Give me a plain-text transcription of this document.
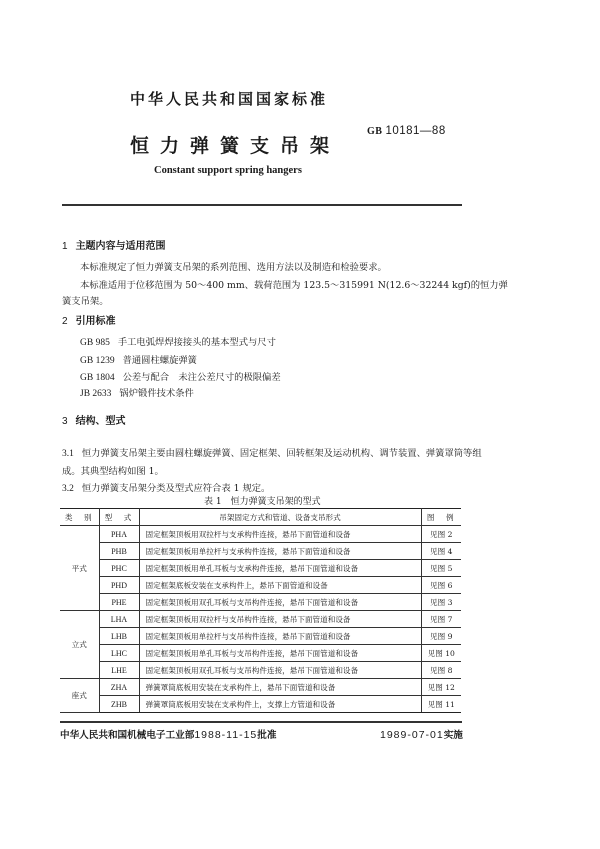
中华人民共和国国家标准
GB 10181—88
恒力弹簧支吊架
Constant support spring hangers
1 主题内容与适用范围
本标准规定了恒力弹簧支吊架的系列范围、选用方法以及制造和检验要求。
本标准适用于位移范围为 50～400 mm、载荷范围为 123.5～315991 N(12.6～32244 kgf)的恒力弹
簧支吊架。
2 引用标准
GB 985 手工电弧焊焊接接头的基本型式与尺寸
GB 1239 普通圆柱螺旋弹簧
GB 1804 公差与配合　未注公差尺寸的极限偏差
JB 2633 锅炉锻件技术条件
3 结构、型式
3.1 恒力弹簧支吊架主要由圆柱螺旋弹簧、固定框架、回转框架及运动机构、调节装置、弹簧罩筒等组
成。其典型结构如图 1。
3.2 恒力弹簧支吊架分类及型式应符合表 1 规定。
表 1　恒力弹簧支吊架的型式
类　别	型　式	吊架固定方式和管道、设备支吊形式	图　例
平式	PHA	固定框架顶板用双拉杆与支承构件连接，悬吊下面管道和设备	见图 2
	PHB	固定框架顶板用单拉杆与支承构件连接，悬吊下面管道和设备	见图 4
	PHC	固定框架顶板用单孔耳板与支承构件连接，悬吊下面管道和设备	见图 5
	PHD	固定框架底板安装在支承构件上，悬吊下面管道和设备	见图 6
	PHE	固定框架顶板用双孔耳板与支吊构件连接，悬吊下面管道和设备	见图 3
立式	LHA	固定框架顶板用双拉杆与支吊构件连接，悬吊下面管道和设备	见图 7
	LHB	固定框架顶板用单拉杆与支吊构件连接，悬吊下面管道和设备	见图 9
	LHC	固定框架顶板用单孔耳板与支吊构件连接，悬吊下面管道和设备	见图 10
	LHE	固定框架顶板用双孔耳板与支吊构件连接，悬吊下面管道和设备	见图 8
座式	ZHA	弹簧罩筒底板用安装在支承构件上，悬吊下面管道和设备	见图 12
	ZHB	弹簧罩筒底板用安装在支承构件上，支撑上方管道和设备	见图 11
中华人民共和国机械电子工业部1988-11-15批准	1989-07-01实施
